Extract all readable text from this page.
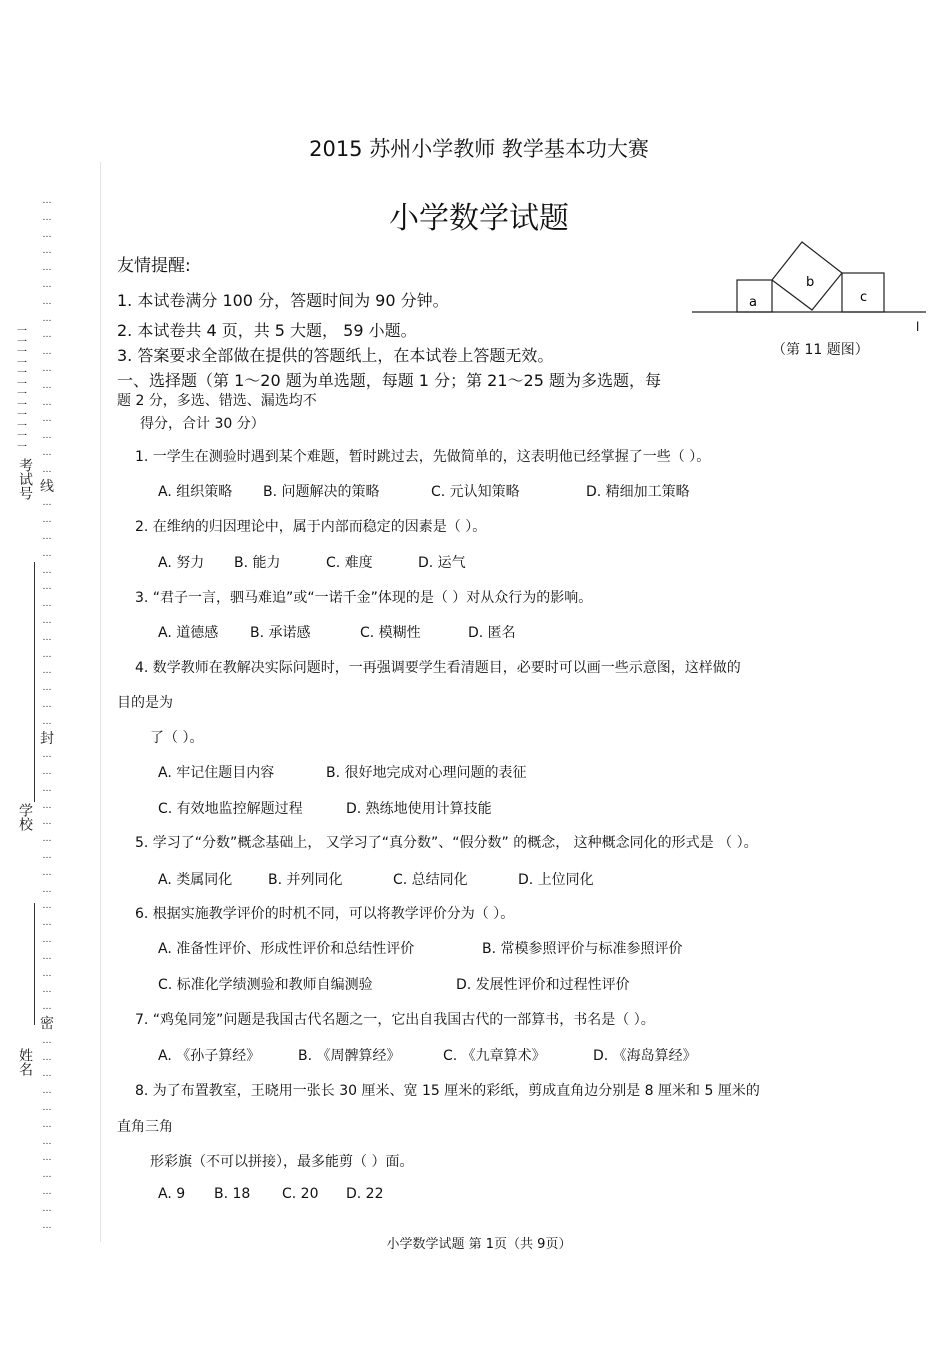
…
…
…
…
…
…
…
…
…
…
…
…
…
…
…
…
…
线
…
…
…
…
…
…
…
…
…
…
…
…
…
…
封
…
…
…
…
…
…
…
…
…
…
…
…
…
…
…
…
密
…
…
…
…
…
…
…
…
…
…
…
…
一
一
一
一
一
一
一
一
一
一
一
一
考试号
学校
姓名
2015 苏州小学教师 教学基本功大赛
小学数学试题
友情提醒:
1. 本试卷满分 100 分，答题时间为 90 分钟。
2. 本试卷共 4 页，共 5 大题， 59 小题。
3. 答案要求全部做在提供的答题纸上，在本试卷上答题无效。
a
b
c
l
（第 11 题图）
一、选择题（第 1～20 题为单选题，每题 1 分；第 21～25 题为多选题，每
题 2 分，多选、错选、漏选均不
得分，合计 30 分）
1. 一学生在测验时遇到某个难题，暂时跳过去，先做简单的，这表明他已经掌握了一些（ ）。
A. 组织策略 B. 问题解决的策略	C. 元认知策略	D. 精细加工策略
2. 在维纳的归因理论中，属于内部而稳定的因素是（ ）。
A. 努力 B. 能力	C. 难度	D. 运气
3. “君子一言，驷马难追”或“一诺千金”体现的是（ ）对从众行为的影响。
A. 道德感 B. 承诺感	C. 模糊性	D. 匿名
4. 数学教师在教解决实际问题时，一再强调要学生看清题目，必要时可以画一些示意图，这样做的
目的是为
了（ ）。
A. 牢记住题目内容	B. 很好地完成对心理问题的表征
C. 有效地监控解题过程	D. 熟练地使用计算技能
5. 学习了“分数”概念基础上， 又学习了“真分数”、“假分数” 的概念， 这种概念同化的形式是 （ ）。
A. 类属同化	B. 并列同化	C. 总结同化	D. 上位同化
6. 根据实施教学评价的时机不同，可以将教学评价分为（ ）。
A. 准备性评价、形成性评价和总结性评价	B. 常模参照评价与标准参照评价
C. 标准化学绩测验和教师自编测验	D. 发展性评价和过程性评价
7. “鸡兔同笼”问题是我国古代名题之一，它出自我国古代的一部算书，书名是（ ）。
A. 《孙子算经》	B. 《周髀算经》	C. 《九章算术》	D. 《海岛算经》
8. 为了布置教室，王晓用一张长 30 厘米、宽 15 厘米的彩纸，剪成直角边分别是 8 厘米和 5 厘米的
直角三角
形彩旗（不可以拼接），最多能剪（ ）面。
A. 9 B. 18 C. 20 D. 22
小学数学试题 第 1页（共 9页）
